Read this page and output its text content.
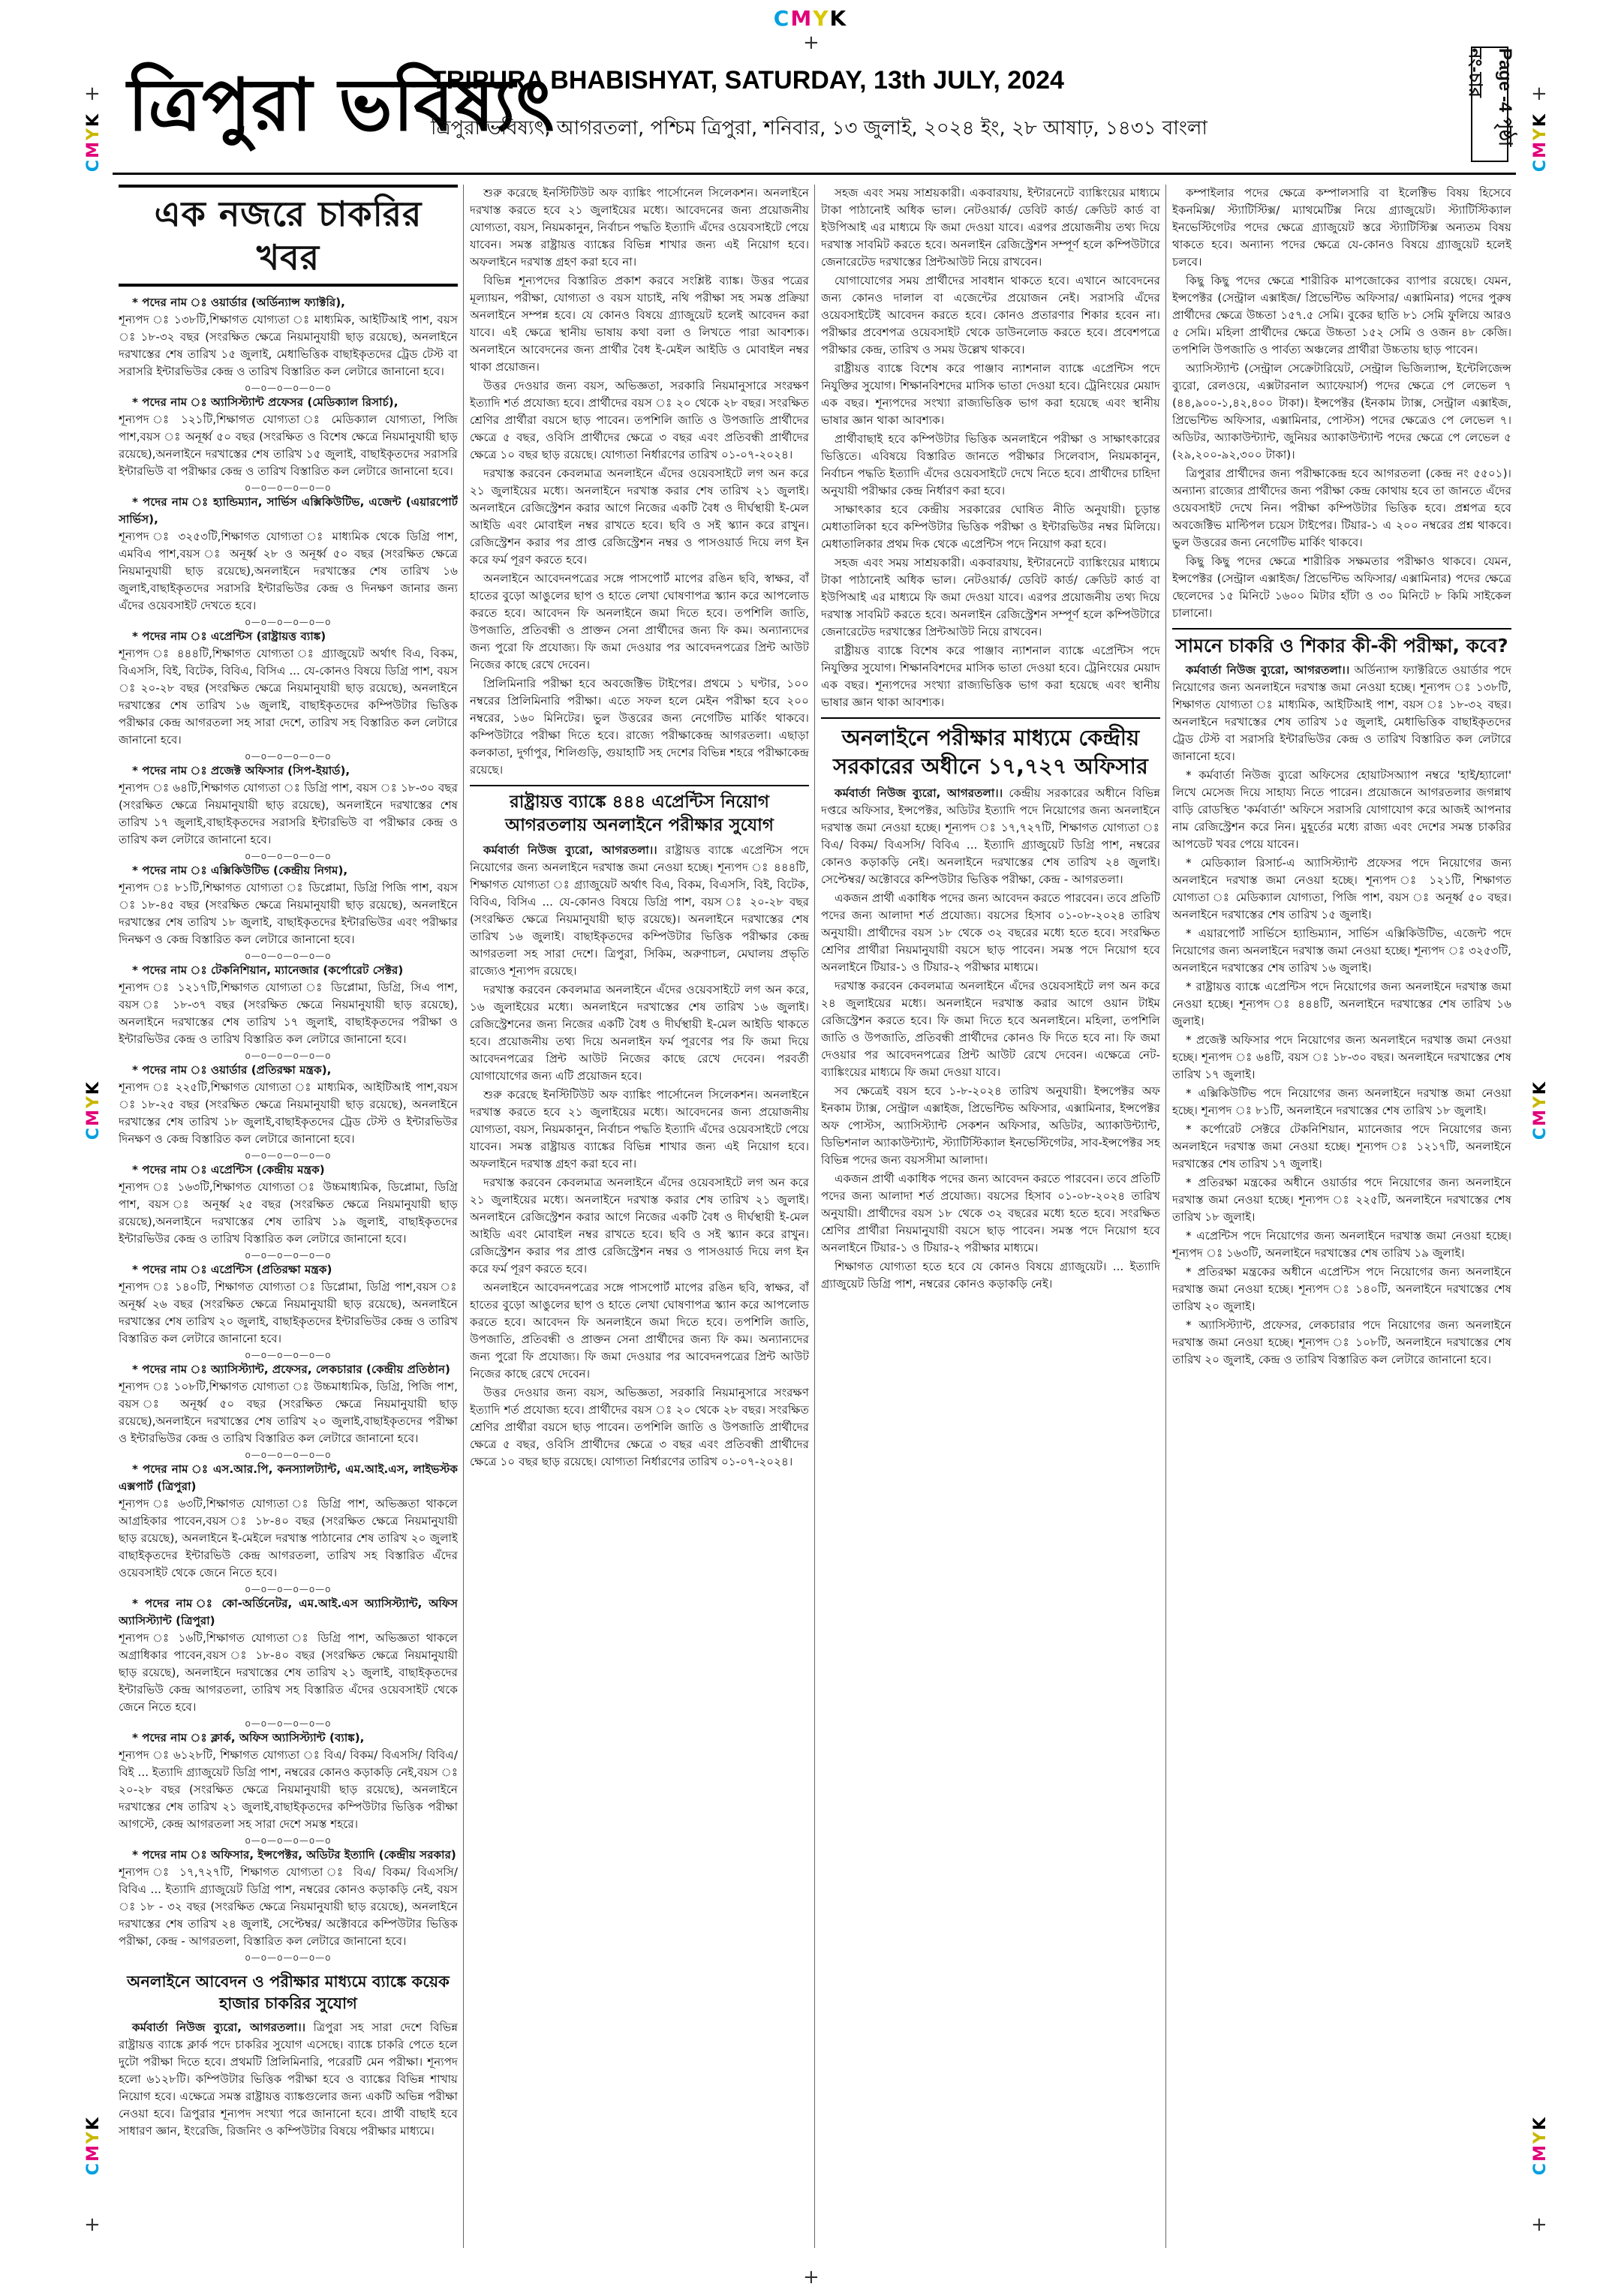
CMYK
+
+
+	+
+	+
CMYK
CMYK
CMYK
CMYK
CMYK
CMYK
ত্রিপুরা ভবিষ্যৎ
TRIPURA BHABISHYAT, SATURDAY, 13th JULY, 2024
ত্রিপুরা ভবিষ্যৎ, আগরতলা, পশ্চিম ত্রিপুরা, শনিবার, ১৩ জুলাই, ২০২৪ ইং, ২৮ আষাঢ়, ১৪৩১ বাংলা	Page -4 পৃষ্ঠা নং-চার
এক নজরে চাকরির খবর
* পদের নাম ঃ ওয়ার্ডার (অর্ডিন্যান্স ফ্যাক্টরি),
শূন্যপদ ঃ ১৩৮টি,শিক্ষাগত যোগ্যতা ঃ মাধ্যমিক, আইটিআই পাশ, বয়স ঃ ১৮-৩২ বছর (সংরক্ষিত ক্ষেত্রে নিয়মানুযায়ী ছাড় রয়েছে), অনলাইনে দরখাস্তের শেষ তারিখ ১৫ জুলাই, মেধাভিত্তিক বাছাইকৃতদের ট্রেড টেস্ট বা সরাসরি ইন্টারভিউর কেন্দ্র ও তারিখ বিস্তারিত কল লেটারে জানানো হবে।
o—o—o—o—o—o
* পদের নাম ঃ অ্যাসিস্ট্যান্ট প্রফেসর (মেডিক্যাল রিসার্চ),
শূন্যপদ ঃ ১২১টি,শিক্ষাগত যোগ্যতা ঃ মেডিক্যাল যোগ্যতা, পিজি পাশ,বয়স ঃ অনূর্ধ্ব ৫০ বছর (সংরক্ষিত ও বিশেষ ক্ষেত্রে নিয়মানুযায়ী ছাড় রয়েছে),অনলাইনে দরখাস্তের শেষ তারিখ ১৫ জুলাই, বাছাইকৃতদের সরাসরি ইন্টারভিউ বা পরীক্ষার কেন্দ্র ও তারিখ বিস্তারিত কল লেটারে জানানো হবে।
o—o—o—o—o—o
* পদের নাম ঃ হ্যান্ডিম্যান, সার্ভিস এক্সিকিউটিভ, এজেন্ট (এয়ারপোর্ট সার্ভিস),
শূন্যপদ ঃ ৩২৫৩টি,শিক্ষাগত যোগ্যতা ঃ মাধ্যমিক থেকে ডিগ্রি পাশ, এমবিএ পাশ,বয়স ঃ অনূর্ধ্ব ২৮ ও অনূর্ধ্ব ৫০ বছর (সংরক্ষিত ক্ষেত্রে নিয়মানুযায়ী ছাড় রয়েছে),অনলাইনে দরখাস্তের শেষ তারিখ ১৬ জুলাই,বাছাইকৃতদের সরাসরি ইন্টারভিউর কেন্দ্র ও দিনক্ষণ জানার জন্য এঁদের ওয়েবসাইট দেখতে হবে।
o—o—o—o—o—o
* পদের নাম ঃ এপ্রেন্টিস (রাষ্ট্রায়ত্ত ব্যাঙ্ক)
শূন্যপদ ঃ ৪৪৪টি,শিক্ষাগত যোগ্যতা ঃ গ্র্যাজুয়েট অর্থাৎ বিএ, বিকম, বিএসসি, বিই, বিটেক, বিবিএ, বিসিএ ... যে-কোনও বিষয়ে ডিগ্রি পাশ, বয়স ঃ ২০-২৮ বছর (সংরক্ষিত ক্ষেত্রে নিয়মানুযায়ী ছাড় রয়েছে), অনলাইনে দরখাস্তের শেষ তারিখ ১৬ জুলাই, বাছাইকৃতদের কম্পিউটার ভিত্তিক পরীক্ষার কেন্দ্র আগরতলা সহ সারা দেশে, তারিখ সহ বিস্তারিত কল লেটারে জানানো হবে।
o—o—o—o—o—o
* পদের নাম ঃ প্রজেক্ট অফিসার (সিপ-ইয়ার্ড),
শূন্যপদ ঃ ৬৪টি,শিক্ষাগত যোগ্যতা ঃ ডিগ্রি পাশ, বয়স ঃ ১৮-৩০ বছর (সংরক্ষিত ক্ষেত্রে নিয়মানুযায়ী ছাড় রয়েছে), অনলাইনে দরখাস্তের শেষ তারিখ ১৭ জুলাই,বাছাইকৃতদের সরাসরি ইন্টারভিউ বা পরীক্ষার কেন্দ্র ও তারিখ কল লেটারে জানানো হবে।
o—o—o—o—o—o
* পদের নাম ঃ এক্সিকিউটিভ (কেন্দ্রীয় নিগম),
শূন্যপদ ঃ ৮১টি,শিক্ষাগত যোগ্যতা ঃ ডিপ্লোমা, ডিগ্রি পিজি পাশ, বয়স ঃ ১৮-৪৫ বছর (সংরক্ষিত ক্ষেত্রে নিয়মানুযায়ী ছাড় রয়েছে), অনলাইনে দরখাস্তের শেষ তারিখ ১৮ জুলাই, বাছাইকৃতদের ইন্টারভিউর এবং পরীক্ষার দিনক্ষণ ও কেন্দ্র বিস্তারিত কল লেটারে জানানো হবে।
o—o—o—o—o—o
* পদের নাম ঃ টেকনিশিয়ান, ম্যানেজার (কর্পোরেট সেক্টর)
শূন্যপদ ঃ ১২১৭টি,শিক্ষাগত যোগ্যতা ঃ ডিপ্লোমা, ডিগ্রি, সিএ পাশ, বয়স ঃ ১৮-৩৭ বছর (সংরক্ষিত ক্ষেত্রে নিয়মানুযায়ী ছাড় রয়েছে), অনলাইনে দরখাস্তের শেষ তারিখ ১৭ জুলাই, বাছাইকৃতদের পরীক্ষা ও ইন্টারভিউর কেন্দ্র ও তারিখ বিস্তারিত কল লেটারে জানানো হবে।
o—o—o—o—o—o
* পদের নাম ঃ ওয়ার্ডার (প্রতিরক্ষা মন্ত্রক),
শূন্যপদ ঃ ২২৫টি,শিক্ষাগত যোগ্যতা ঃ মাধ্যমিক, আইটিআই পাশ,বয়স ঃ ১৮-২৫ বছর (সংরক্ষিত ক্ষেত্রে নিয়মানুযায়ী ছাড় রয়েছে), অনলাইনে দরখাস্তের শেষ তারিখ ১৮ জুলাই,বাছাইকৃতদের ট্রেড টেস্ট ও ইন্টারভিউর দিনক্ষণ ও কেন্দ্র বিস্তারিত কল লেটারে জানানো হবে।
o—o—o—o—o—o
* পদের নাম ঃ এপ্রেন্টিস (কেন্দ্রীয় মন্ত্রক)
শূন্যপদ ঃ ১৬৩টি,শিক্ষাগত যোগ্যতা ঃ উচ্চমাধ্যমিক, ডিপ্লোমা, ডিগ্রি পাশ, বয়স ঃ অনূর্ধ্ব ২৫ বছর (সংরক্ষিত ক্ষেত্রে নিয়মানুযায়ী ছাড় রয়েছে),অনলাইনে দরখাস্তের শেষ তারিখ ১৯ জুলাই, বাছাইকৃতদের ইন্টারভিউর কেন্দ্র ও তারিখ বিস্তারিত কল লেটারে জানানো হবে।
o—o—o—o—o—o
* পদের নাম ঃ এপ্রেন্টিস (প্রতিরক্ষা মন্ত্রক)
শূন্যপদ ঃ ১৪০টি, শিক্ষাগত যোগ্যতা ঃ ডিপ্লোমা, ডিগ্রি পাশ,বয়স ঃ অনূর্ধ্ব ২৬ বছর (সংরক্ষিত ক্ষেত্রে নিয়মানুযায়ী ছাড় রয়েছে), অনলাইনে দরখাস্তের শেষ তারিখ ২০ জুলাই, বাছাইকৃতদের ইন্টারভিউর কেন্দ্র ও তারিখ বিস্তারিত কল লেটারে জানানো হবে।
o—o—o—o—o—o
* পদের নাম ঃ অ্যাসিস্ট্যান্ট, প্রফেসর, লেকচারার (কেন্দ্রীয় প্রতিষ্ঠান)
শূন্যপদ ঃ ১০৮টি,শিক্ষাগত যোগ্যতা ঃ উচ্চমাধ্যমিক, ডিগ্রি, পিজি পাশ, বয়স ঃ অনূর্ধ্ব ৫০ বছর (সংরক্ষিত ক্ষেত্রে নিয়মানুযায়ী ছাড় রয়েছে),অনলাইনে দরখাস্তের শেষ তারিখ ২০ জুলাই,বাছাইকৃতদের পরীক্ষা ও ইন্টারভিউর কেন্দ্র ও তারিখ বিস্তারিত কল লেটারে জানানো হবে।
o—o—o—o—o—o
* পদের নাম ঃ এস.আর.পি, কনস্যালট্যান্ট, এম.আই.এস, লাইভস্টক এক্সপার্ট (ত্রিপুরা)
শূন্যপদ ঃ ৬৩টি,শিক্ষাগত যোগ্যতা ঃ ডিগ্রি পাশ, অভিজ্ঞতা থাকলে আগ্রহিকার পাবেন,বয়স ঃ ১৮-৪০ বছর (সংরক্ষিত ক্ষেত্রে নিয়মানুযায়ী ছাড় রয়েছে), অনলাইনে ই-মেইলে দরখাস্ত পাঠানোর শেষ তারিখ ২০ জুলাই বাছাইকৃতদের ইন্টারভিউ কেন্দ্র আগরতলা, তারিখ সহ বিস্তারিত এঁদের ওয়েবসাইট থেকে জেনে নিতে হবে।
o—o—o—o—o—o
* পদের নাম ঃ কো-অর্ডিনেটর, এম.আই.এস অ্যাসিস্ট্যান্ট, অফিস অ্যাসিস্ট্যান্ট (ত্রিপুরা)
শূন্যপদ ঃ ১৬টি,শিক্ষাগত যোগ্যতা ঃ ডিগ্রি পাশ, অভিজ্ঞতা থাকলে অগ্রাধিকার পাবেন,বয়স ঃ ১৮-৪০ বছর (সংরক্ষিত ক্ষেত্রে নিয়মানুযায়ী ছাড় রয়েছে), অনলাইনে দরখাস্তের শেষ তারিখ ২১ জুলাই, বাছাইকৃতদের ইন্টারভিউ কেন্দ্র আগরতলা, তারিখ সহ বিস্তারিত এঁদের ওয়েবসাইট থেকে জেনে নিতে হবে।
o—o—o—o—o—o
* পদের নাম ঃ ক্লার্ক, অফিস অ্যাসিস্ট্যান্ট (ব্যাঙ্ক),
শূন্যপদ ঃ ৬১২৮টি, শিক্ষাগত যোগ্যতা ঃ বিএ/ বিকম/ বিএসসি/ বিবিএ/ বিই ... ইত্যাদি গ্র্যাজুয়েট ডিগ্রি পাশ, নম্বরের কোনও কড়াকড়ি নেই,বয়স ঃ ২০-২৮ বছর (সংরক্ষিত ক্ষেত্রে নিয়মানুযায়ী ছাড় রয়েছে), অনলাইনে দরখাস্তের শেষ তারিখ ২১ জুলাই,বাছাইকৃতদের কম্পিউটার ভিত্তিক পরীক্ষা আগস্টে, কেন্দ্র আগরতলা সহ সারা দেশে সমস্ত শহরে।
o—o—o—o—o—o
* পদের নাম ঃ অফিসার, ইন্সপেক্টর, অডিটর ইত্যাদি (কেন্দ্রীয় সরকার)
শূন্যপদ ঃ ১৭,৭২৭টি, শিক্ষাগত যোগ্যতা ঃ বিএ/ বিকম/ বিএসসি/ বিবিএ ... ইত্যাদি গ্র্যাজুয়েট ডিগ্রি পাশ, নম্বরের কোনও কড়াকড়ি নেই, বয়স ঃ ১৮ - ৩২ বছর (সংরক্ষিত ক্ষেত্রে নিয়মানুযায়ী ছাড় রয়েছে), অনলাইনে দরখাস্তের শেষ তারিখ ২৪ জুলাই, সেপ্টেম্বর/ অক্টোবরে কম্পিউটার ভিত্তিক পরীক্ষা, কেন্দ্র - আগরতলা, বিস্তারিত কল লেটারে জানানো হবে।
o—o—o—o—o—o
অনলাইনে আবেদন ও পরীক্ষার মাধ্যমে ব্যাঙ্কে কয়েক হাজার চাকরির সুযোগ

কর্মবার্তা নিউজ ব্যুরো, আগরতলা।। ত্রিপুরা সহ সারা দেশে বিভিন্ন রাষ্ট্রায়ত্ত ব্যাঙ্কে ক্লার্ক পদে চাকরির সুযোগ এসেছে। ব্যাঙ্কে চাকরি পেতে হলে দুটো পরীক্ষা দিতে হবে। প্রথমটি প্রিলিমিনারি, পরেরটি মেন পরীক্ষা। শূন্যপদ হলো ৬১২৮টি। কম্পিউটার ভিত্তিক পরীক্ষা হবে ও ব্যাঙ্কের বিভিন্ন শাখায় নিয়োগ হবে। এক্ষেত্রে সমস্ত রাষ্ট্রায়ত্ত ব্যাঙ্কগুলোর জন্য একটি অভিন্ন পরীক্ষা নেওয়া হবে। ত্রিপুরার শূন্যপদ সংখ্যা পরে জানানো হবে। প্রার্থী বাছাই হবে সাধারণ জ্ঞান, ইংরেজি, রিজনিং ও কম্পিউটার বিষয়ে পরীক্ষার মাধ্যমে।

শুরু করেছে ইনস্টিটিউট অফ ব্যাঙ্কিং পার্সোনেল সিলেকশন। অনলাইনে দরখাস্ত করতে হবে ২১ জুলাইয়ের মধ্যে। আবেদনের জন্য প্রয়োজনীয় যোগ্যতা, বয়স, নিয়মকানুন, নির্বাচন পদ্ধতি ইত্যাদি এঁদের ওয়েবসাইটে পেয়ে যাবেন। সমস্ত রাষ্ট্রায়ত্ত ব্যাঙ্কের বিভিন্ন শাখার জন্য এই নিয়োগ হবে। অফলাইনে দরখাস্ত গ্রহণ করা হবে না।

বিভিন্ন শূন্যপদের বিস্তারিত প্রকাশ করবে সংশ্লিষ্ট ব্যাঙ্ক। উত্তর পত্রের মূল্যায়ন, পরীক্ষা, যোগ্যতা ও বয়স যাচাই, নথি পরীক্ষা সহ সমস্ত প্রক্রিয়া অনলাইনে সম্পন্ন হবে। যে কোনও বিষয়ে গ্র্যাজুয়েট হলেই আবেদন করা যাবে। এই ক্ষেত্রে স্থানীয় ভাষায় কথা বলা ও লিখতে পারা আবশ্যক। অনলাইনে আবেদনের জন্য প্রার্থীর বৈধ ই-মেইল আইডি ও মোবাইল নম্বর থাকা প্রয়োজন।

উত্তর দেওয়ার জন্য বয়স, অভিজ্ঞতা, সরকারি নিয়মানুসারে সংরক্ষণ ইত্যাদি শর্ত প্রযোজ্য হবে। প্রার্থীদের বয়স ঃ ২০ থেকে ২৮ বছর। সংরক্ষিত শ্রেণির প্রার্থীরা বয়সে ছাড় পাবেন। তপশিলি জাতি ও উপজাতি প্রার্থীদের ক্ষেত্রে ৫ বছর, ওবিসি প্রার্থীদের ক্ষেত্রে ৩ বছর এবং প্রতিবন্ধী প্রার্থীদের ক্ষেত্রে ১০ বছর ছাড় রয়েছে। যোগ্যতা নির্ধারণের তারিখ ০১-০৭-২০২৪।

দরখাস্ত করবেন কেবলমাত্র অনলাইনে এঁদের ওয়েবসাইটে লগ অন করে ২১ জুলাইয়ের মধ্যে। অনলাইনে দরখাস্ত করার শেষ তারিখ ২১ জুলাই। অনলাইনে রেজিস্ট্রেশন করার আগে নিজের একটি বৈধ ও দীর্ঘস্থায়ী ই-মেল আইডি এবং মোবাইল নম্বর রাখতে হবে। ছবি ও সই স্ক্যান করে রাখুন। রেজিস্ট্রেশন করার পর প্রাপ্ত রেজিস্ট্রেশন নম্বর ও পাসওয়ার্ড দিয়ে লগ ইন করে ফর্ম পূরণ করতে হবে।

অনলাইনে আবেদনপত্রের সঙ্গে পাসপোর্ট মাপের রঙিন ছবি, স্বাক্ষর, বাঁ হাতের বুড়ো আঙুলের ছাপ ও হাতে লেখা ঘোষণাপত্র স্ক্যান করে আপলোড করতে হবে। আবেদন ফি অনলাইনে জমা দিতে হবে। তপশিলি জাতি, উপজাতি, প্রতিবন্ধী ও প্রাক্তন সেনা প্রার্থীদের জন্য ফি কম। অন্যান্যদের জন্য পুরো ফি প্রযোজ্য। ফি জমা দেওয়ার পর আবেদনপত্রের প্রিন্ট আউট নিজের কাছে রেখে দেবেন।

প্রিলিমিনারি পরীক্ষা হবে অবজেক্টিভ টাইপের। প্রথমে ১ ঘণ্টার, ১০০ নম্বরের প্রিলিমিনারি পরীক্ষা। এতে সফল হলে মেইন পরীক্ষা হবে ২০০ নম্বরের, ১৬০ মিনিটের। ভুল উত্তরের জন্য নেগেটিভ মার্কিং থাকবে। কম্পিউটারে পরীক্ষা দিতে হবে। রাজ্যে পরীক্ষাকেন্দ্র আগরতলা। এছাড়া কলকাতা, দুর্গাপুর, শিলিগুড়ি, গুয়াহাটি সহ দেশের বিভিন্ন শহরে পরীক্ষাকেন্দ্র রয়েছে।

রাষ্ট্রায়ত্ত ব্যাঙ্কে ৪৪৪ এপ্রেন্টিস নিয়োগ আগরতলায় অনলাইনে পরীক্ষার সুযোগ

কর্মবার্তা নিউজ ব্যুরো, আগরতলা।। রাষ্ট্রায়ত্ত ব্যাঙ্কে এপ্রেন্টিস পদে নিয়োগের জন্য অনলাইনে দরখাস্ত জমা নেওয়া হচ্ছে। শূন্যপদ ঃ ৪৪৪টি, শিক্ষাগত যোগ্যতা ঃ গ্র্যাজুয়েট অর্থাৎ বিএ, বিকম, বিএসসি, বিই, বিটেক, বিবিএ, বিসিএ ... যে-কোনও বিষয়ে ডিগ্রি পাশ, বয়স ঃ ২০-২৮ বছর (সংরক্ষিত ক্ষেত্রে নিয়মানুযায়ী ছাড় রয়েছে)। অনলাইনে দরখাস্তের শেষ তারিখ ১৬ জুলাই। বাছাইকৃতদের কম্পিউটার ভিত্তিক পরীক্ষার কেন্দ্র আগরতলা সহ সারা দেশে। ত্রিপুরা, সিকিম, অরুণাচল, মেঘালয় প্রভৃতি রাজ্যেও শূন্যপদ রয়েছে।

দরখাস্ত করবেন কেবলমাত্র অনলাইনে এঁদের ওয়েবসাইটে লগ অন করে, ১৬ জুলাইয়ের মধ্যে। অনলাইনে দরখাস্তের শেষ তারিখ ১৬ জুলাই। রেজিস্ট্রেশনের জন্য নিজের একটি বৈধ ও দীর্ঘস্থায়ী ই-মেল আইডি থাকতে হবে। প্রয়োজনীয় তথ্য দিয়ে অনলাইন ফর্ম পূরণের পর ফি জমা দিয়ে আবেদনপত্রের প্রিন্ট আউট নিজের কাছে রেখে দেবেন। পরবর্তী যোগাযোগের জন্য এটি প্রয়োজন হবে।

শুরু করেছে ইনস্টিটিউট অফ ব্যাঙ্কিং পার্সোনেল সিলেকশন। অনলাইনে দরখাস্ত করতে হবে ২১ জুলাইয়ের মধ্যে। আবেদনের জন্য প্রয়োজনীয় যোগ্যতা, বয়স, নিয়মকানুন, নির্বাচন পদ্ধতি ইত্যাদি এঁদের ওয়েবসাইটে পেয়ে যাবেন। সমস্ত রাষ্ট্রায়ত্ত ব্যাঙ্কের বিভিন্ন শাখার জন্য এই নিয়োগ হবে। অফলাইনে দরখাস্ত গ্রহণ করা হবে না।

দরখাস্ত করবেন কেবলমাত্র অনলাইনে এঁদের ওয়েবসাইটে লগ অন করে ২১ জুলাইয়ের মধ্যে। অনলাইনে দরখাস্ত করার শেষ তারিখ ২১ জুলাই। অনলাইনে রেজিস্ট্রেশন করার আগে নিজের একটি বৈধ ও দীর্ঘস্থায়ী ই-মেল আইডি এবং মোবাইল নম্বর রাখতে হবে। ছবি ও সই স্ক্যান করে রাখুন। রেজিস্ট্রেশন করার পর প্রাপ্ত রেজিস্ট্রেশন নম্বর ও পাসওয়ার্ড দিয়ে লগ ইন করে ফর্ম পূরণ করতে হবে।

অনলাইনে আবেদনপত্রের সঙ্গে পাসপোর্ট মাপের রঙিন ছবি, স্বাক্ষর, বাঁ হাতের বুড়ো আঙুলের ছাপ ও হাতে লেখা ঘোষণাপত্র স্ক্যান করে আপলোড করতে হবে। আবেদন ফি অনলাইনে জমা দিতে হবে। তপশিলি জাতি, উপজাতি, প্রতিবন্ধী ও প্রাক্তন সেনা প্রার্থীদের জন্য ফি কম। অন্যান্যদের জন্য পুরো ফি প্রযোজ্য। ফি জমা দেওয়ার পর আবেদনপত্রের প্রিন্ট আউট নিজের কাছে রেখে দেবেন।

উত্তর দেওয়ার জন্য বয়স, অভিজ্ঞতা, সরকারি নিয়মানুসারে সংরক্ষণ ইত্যাদি শর্ত প্রযোজ্য হবে। প্রার্থীদের বয়স ঃ ২০ থেকে ২৮ বছর। সংরক্ষিত শ্রেণির প্রার্থীরা বয়সে ছাড় পাবেন। তপশিলি জাতি ও উপজাতি প্রার্থীদের ক্ষেত্রে ৫ বছর, ওবিসি প্রার্থীদের ক্ষেত্রে ৩ বছর এবং প্রতিবন্ধী প্রার্থীদের ক্ষেত্রে ১০ বছর ছাড় রয়েছে। যোগ্যতা নির্ধারণের তারিখ ০১-০৭-২০২৪।

সহজ এবং সময় সাশ্রয়কারী। একবারযায়, ইন্টারনেটে ব্যাঙ্কিংয়ের মাধ্যমে টাকা পাঠানোই অধিক ভাল। নেটওয়ার্ক/ ডেবিট কার্ড/ ক্রেডিট কার্ড বা ইউপিআই এর মাধ্যমে ফি জমা দেওয়া যাবে। এরপর প্রয়োজনীয় তথ্য দিয়ে দরখাস্ত সাবমিট করতে হবে। অনলাইন রেজিস্ট্রেশন সম্পূর্ণ হলে কম্পিউটারে জেনারেটেড দরখাস্তের প্রিন্টআউট নিয়ে রাখবেন।

যোগাযোগের সময় প্রার্থীদের সাবধান থাকতে হবে। এখানে আবেদনের জন্য কোনও দালাল বা এজেন্টের প্রয়োজন নেই। সরাসরি এঁদের ওয়েবসাইটেই আবেদন করতে হবে। কোনও প্রতারণার শিকার হবেন না। পরীক্ষার প্রবেশপত্র ওয়েবসাইট থেকে ডাউনলোড করতে হবে। প্রবেশপত্রে পরীক্ষার কেন্দ্র, তারিখ ও সময় উল্লেখ থাকবে।

রাষ্ট্রীয়ত্ত ব্যাঙ্কে বিশেষ করে পাঞ্জাব ন্যাশনাল ব্যাঙ্কে এপ্রেন্টিস পদে নিযুক্তির সুযোগ। শিক্ষানবিশদের মাসিক ভাতা দেওয়া হবে। ট্রেনিংয়ের মেয়াদ এক বছর। শূন্যপদের সংখ্যা রাজ্যভিত্তিক ভাগ করা হয়েছে এবং স্থানীয় ভাষার জ্ঞান থাকা আবশ্যক।

প্রার্থীবাছাই হবে কম্পিউটার ভিত্তিক অনলাইনে পরীক্ষা ও সাক্ষাৎকারের ভিত্তিতে। এবিষয়ে বিস্তারিত জানতে পরীক্ষার সিলেবাস, নিয়মকানুন, নির্বাচন পদ্ধতি ইত্যাদি এঁদের ওয়েবসাইটে দেখে নিতে হবে। প্রার্থীদের চাহিদা অনুযায়ী পরীক্ষার কেন্দ্র নির্ধারণ করা হবে।

সাক্ষাৎকার হবে কেন্দ্রীয় সরকারের ঘোষিত নীতি অনুযায়ী। চূড়ান্ত মেধাতালিকা হবে কম্পিউটার ভিত্তিক পরীক্ষা ও ইন্টারভিউর নম্বর মিলিয়ে। মেধাতালিকার প্রথম দিক থেকে এপ্রেন্টিস পদে নিয়োগ করা হবে।

সহজ এবং সময় সাশ্রয়কারী। একবারযায়, ইন্টারনেটে ব্যাঙ্কিংয়ের মাধ্যমে টাকা পাঠানোই অধিক ভাল। নেটওয়ার্ক/ ডেবিট কার্ড/ ক্রেডিট কার্ড বা ইউপিআই এর মাধ্যমে ফি জমা দেওয়া যাবে। এরপর প্রয়োজনীয় তথ্য দিয়ে দরখাস্ত সাবমিট করতে হবে। অনলাইন রেজিস্ট্রেশন সম্পূর্ণ হলে কম্পিউটারে জেনারেটেড দরখাস্তের প্রিন্টআউট নিয়ে রাখবেন।

রাষ্ট্রীয়ত্ত ব্যাঙ্কে বিশেষ করে পাঞ্জাব ন্যাশনাল ব্যাঙ্কে এপ্রেন্টিস পদে নিযুক্তির সুযোগ। শিক্ষানবিশদের মাসিক ভাতা দেওয়া হবে। ট্রেনিংয়ের মেয়াদ এক বছর। শূন্যপদের সংখ্যা রাজ্যভিত্তিক ভাগ করা হয়েছে এবং স্থানীয় ভাষার জ্ঞান থাকা আবশ্যক।

অনলাইনে পরীক্ষার মাধ্যমে কেন্দ্রীয় সরকারের অধীনে ১৭,৭২৭ অফিসার

কর্মবার্তা নিউজ ব্যুরো, আগরতলা।। কেন্দ্রীয় সরকারের অধীনে বিভিন্ন দপ্তরে অফিসার, ইন্সপেক্টর, অডিটর ইত্যাদি পদে নিয়োগের জন্য অনলাইনে দরখাস্ত জমা নেওয়া হচ্ছে। শূন্যপদ ঃ ১৭,৭২৭টি, শিক্ষাগত যোগ্যতা ঃ বিএ/ বিকম/ বিএসসি/ বিবিএ ... ইত্যাদি গ্র্যাজুয়েট ডিগ্রি পাশ, নম্বরের কোনও কড়াকড়ি নেই। অনলাইনে দরখাস্তের শেষ তারিখ ২৪ জুলাই। সেপ্টেম্বর/ অক্টোবরে কম্পিউটার ভিত্তিক পরীক্ষা, কেন্দ্র - আগরতলা।

একজন প্রার্থী একাধিক পদের জন্য আবেদন করতে পারবেন। তবে প্রতিটি পদের জন্য আলাদা শর্ত প্রযোজ্য। বয়সের হিসাব ০১-০৮-২০২৪ তারিখ অনুযায়ী। প্রার্থীদের বয়স ১৮ থেকে ৩২ বছরের মধ্যে হতে হবে। সংরক্ষিত শ্রেণির প্রার্থীরা নিয়মানুযায়ী বয়সে ছাড় পাবেন। সমস্ত পদে নিয়োগ হবে অনলাইনে টিয়ার-১ ও টিয়ার-২ পরীক্ষার মাধ্যমে।

দরখাস্ত করবেন কেবলমাত্র অনলাইনে এঁদের ওয়েবসাইটে লগ অন করে ২৪ জুলাইয়ের মধ্যে। অনলাইনে দরখাস্ত করার আগে ওয়ান টাইম রেজিস্ট্রেশন করতে হবে। ফি জমা দিতে হবে অনলাইনে। মহিলা, তপশিলি জাতি ও উপজাতি, প্রতিবন্ধী প্রার্থীদের কোনও ফি দিতে হবে না। ফি জমা দেওয়ার পর আবেদনপত্রের প্রিন্ট আউট রেখে দেবেন। এক্ষেত্রে নেট-ব্যাঙ্কিংয়ের মাধ্যমে ফি জমা দেওয়া যাবে।

সব ক্ষেত্রেই বয়স হবে ১-৮-২০২৪ তারিখ অনুযায়ী। ইন্সপেক্টর অফ ইনকাম ট্যাক্স, সেন্ট্রাল এক্সাইজ, প্রিভেন্টিভ অফিসার, এক্সামিনার, ইন্সপেক্টর অফ পোস্টস, অ্যাসিস্ট্যান্ট সেকশন অফিসার, অডিটর, অ্যাকাউন্ট্যান্ট, ডিভিশনাল অ্যাকাউন্ট্যান্ট, স্ট্যাটিস্টিক্যাল ইনভেস্টিগেটর, সাব-ইন্সপেক্টর সহ বিভিন্ন পদের জন্য বয়সসীমা আলাদা।

একজন প্রার্থী একাধিক পদের জন্য আবেদন করতে পারবেন। তবে প্রতিটি পদের জন্য আলাদা শর্ত প্রযোজ্য। বয়সের হিসাব ০১-০৮-২০২৪ তারিখ অনুযায়ী। প্রার্থীদের বয়স ১৮ থেকে ৩২ বছরের মধ্যে হতে হবে। সংরক্ষিত শ্রেণির প্রার্থীরা নিয়মানুযায়ী বয়সে ছাড় পাবেন। সমস্ত পদে নিয়োগ হবে অনলাইনে টিয়ার-১ ও টিয়ার-২ পরীক্ষার মাধ্যমে।

শিক্ষাগত যোগ্যতা হতে হবে যে কোনও বিষয়ে গ্র্যাজুয়েট। ... ইত্যাদি গ্র্যাজুয়েট ডিগ্রি পাশ, নম্বরের কোনও কড়াকড়ি নেই।

কম্পাইলার পদের ক্ষেত্রে কম্পালসারি বা ইলেক্টিভ বিষয় হিসেবে ইকনমিক্স/ স্ট্যাটিস্টিক্স/ ম্যাথমেটিক্স নিয়ে গ্র্যাজুয়েট। স্ট্যাটিস্টিক্যাল ইনভেস্টিগেটর পদের ক্ষেত্রে গ্র্যাজুয়েট স্তরে স্ট্যাটিস্টিক্স অন্যতম বিষয় থাকতে হবে। অন্যান্য পদের ক্ষেত্রে যে-কোনও বিষয়ে গ্র্যাজুয়েট হলেই চলবে।

কিছু কিছু পদের ক্ষেত্রে শারীরিক মাপজোকের ব্যাপার রয়েছে। যেমন, ইন্সপেক্টর (সেন্ট্রাল এক্সাইজ/ প্রিভেন্টিভ অফিসার/ এক্সামিনার) পদের পুরুষ প্রার্থীদের ক্ষেত্রে উচ্চতা ১৫৭.৫ সেমি। বুকের ছাতি ৮১ সেমি ফুলিয়ে আরও ৫ সেমি। মহিলা প্রার্থীদের ক্ষেত্রে উচ্চতা ১৫২ সেমি ও ওজন ৪৮ কেজি। তপশিলি উপজাতি ও পার্বত্য অঞ্চলের প্রার্থীরা উচ্চতায় ছাড় পাবেন।

অ্যাসিস্ট্যান্ট (সেন্ট্রাল সেক্রেটারিয়েট, সেন্ট্রাল ভিজিল্যান্স, ইন্টেলিজেন্স ব্যুরো, রেলওয়ে, এক্সটারনাল অ্যাফেয়ার্স) পদের ক্ষেত্রে পে লেভেল ৭ (৪৪,৯০০-১,৪২,৪০০ টাকা)। ইন্সপেক্টর (ইনকাম ট্যাক্স, সেন্ট্রাল এক্সাইজ, প্রিভেন্টিভ অফিসার, এক্সামিনার, পোস্টস) পদের ক্ষেত্রেও পে লেভেল ৭। অডিটর, অ্যাকাউন্ট্যান্ট, জুনিয়র অ্যাকাউন্ট্যান্ট পদের ক্ষেত্রে পে লেভেল ৫ (২৯,২০০-৯২,৩০০ টাকা)।

ত্রিপুরার প্রার্থীদের জন্য পরীক্ষাকেন্দ্র হবে আগরতলা (কেন্দ্র নং ৫৫০১)। অন্যান্য রাজ্যের প্রার্থীদের জন্য পরীক্ষা কেন্দ্র কোথায় হবে তা জানতে এঁদের ওয়েবসাইট দেখে নিন। পরীক্ষা কম্পিউটার ভিত্তিক হবে। প্রশ্নপত্র হবে অবজেক্টিভ মাল্টিপল চয়েস টাইপের। টিয়ার-১ এ ২০০ নম্বরের প্রশ্ন থাকবে। ভুল উত্তরের জন্য নেগেটিভ মার্কিং থাকবে।

কিছু কিছু পদের ক্ষেত্রে শারীরিক সক্ষমতার পরীক্ষাও থাকবে। যেমন, ইন্সপেক্টর (সেন্ট্রাল এক্সাইজ/ প্রিভেন্টিভ অফিসার/ এক্সামিনার) পদের ক্ষেত্রে ছেলেদের ১৫ মিনিটে ১৬০০ মিটার হাঁটা ও ৩০ মিনিটে ৮ কিমি সাইকেল চালানো।

সামনে চাকরি ও শিকার কী-কী পরীক্ষা, কবে?

কর্মবার্তা নিউজ ব্যুরো, আগরতলা।। অর্ডিন্যান্স ফ্যাক্টরিতে ওয়ার্ডার পদে নিয়োগের জন্য অনলাইনে দরখাস্ত জমা নেওয়া হচ্ছে। শূন্যপদ ঃ ১৩৮টি, শিক্ষাগত যোগ্যতা ঃ মাধ্যমিক, আইটিআই পাশ, বয়স ঃ ১৮-৩২ বছর। অনলাইনে দরখাস্তের শেষ তারিখ ১৫ জুলাই, মেধাভিত্তিক বাছাইকৃতদের ট্রেড টেস্ট বা সরাসরি ইন্টারভিউর কেন্দ্র ও তারিখ বিস্তারিত কল লেটারে জানানো হবে।

* কর্মবার্তা নিউজ ব্যুরো অফিসের হোয়াটসঅ্যাপ নম্বরে 'হাই/হ্যালো' লিখে মেসেজ দিয়ে সাহায্য নিতে পারেন। প্রয়োজনে আগরতলার জগন্নাথ বাড়ি রোডস্থিত 'কর্মবার্তা' অফিসে সরাসরি যোগাযোগ করে আজই আপনার নাম রেজিস্ট্রেশন করে নিন। মুহূর্তের মধ্যে রাজ্য এবং দেশের সমস্ত চাকরির আপডেট খবর পেয়ে যাবেন।

* মেডিক্যাল রিসার্চ-এ অ্যাসিস্ট্যান্ট প্রফেসর পদে নিয়োগের জন্য অনলাইনে দরখাস্ত জমা নেওয়া হচ্ছে। শূন্যপদ ঃ ১২১টি, শিক্ষাগত যোগ্যতা ঃ মেডিক্যাল যোগ্যতা, পিজি পাশ, বয়স ঃ অনূর্ধ্ব ৫০ বছর। অনলাইনে দরখাস্তের শেষ তারিখ ১৫ জুলাই।

* এয়ারপোর্ট সার্ভিসে হ্যান্ডিম্যান, সার্ভিস এক্সিকিউটিভ, এজেন্ট পদে নিয়োগের জন্য অনলাইনে দরখাস্ত জমা নেওয়া হচ্ছে। শূন্যপদ ঃ ৩২৫৩টি, অনলাইনে দরখাস্তের শেষ তারিখ ১৬ জুলাই।

* রাষ্ট্রায়ত্ত ব্যাঙ্কে এপ্রেন্টিস পদে নিয়োগের জন্য অনলাইনে দরখাস্ত জমা নেওয়া হচ্ছে। শূন্যপদ ঃ ৪৪৪টি, অনলাইনে দরখাস্তের শেষ তারিখ ১৬ জুলাই।

* প্রজেক্ট অফিসার পদে নিয়োগের জন্য অনলাইনে দরখাস্ত জমা নেওয়া হচ্ছে। শূন্যপদ ঃ ৬৪টি, বয়স ঃ ১৮-৩০ বছর। অনলাইনে দরখাস্তের শেষ তারিখ ১৭ জুলাই।

* এক্সিকিউটিভ পদে নিয়োগের জন্য অনলাইনে দরখাস্ত জমা নেওয়া হচ্ছে। শূন্যপদ ঃ ৮১টি, অনলাইনে দরখাস্তের শেষ তারিখ ১৮ জুলাই।

* কর্পোরেট সেক্টরে টেকনিশিয়ান, ম্যানেজার পদে নিয়োগের জন্য অনলাইনে দরখাস্ত জমা নেওয়া হচ্ছে। শূন্যপদ ঃ ১২১৭টি, অনলাইনে দরখাস্তের শেষ তারিখ ১৭ জুলাই।

* প্রতিরক্ষা মন্ত্রকের অধীনে ওয়ার্ডার পদে নিয়োগের জন্য অনলাইনে দরখাস্ত জমা নেওয়া হচ্ছে। শূন্যপদ ঃ ২২৫টি, অনলাইনে দরখাস্তের শেষ তারিখ ১৮ জুলাই।

* এপ্রেন্টিস পদে নিয়োগের জন্য অনলাইনে দরখাস্ত জমা নেওয়া হচ্ছে। শূন্যপদ ঃ ১৬৩টি, অনলাইনে দরখাস্তের শেষ তারিখ ১৯ জুলাই।

* প্রতিরক্ষা মন্ত্রকের অধীনে এপ্রেন্টিস পদে নিয়োগের জন্য অনলাইনে দরখাস্ত জমা নেওয়া হচ্ছে। শূন্যপদ ঃ ১৪০টি, অনলাইনে দরখাস্তের শেষ তারিখ ২০ জুলাই।

* অ্যাসিস্ট্যান্ট, প্রফেসর, লেকচারার পদে নিয়োগের জন্য অনলাইনে দরখাস্ত জমা নেওয়া হচ্ছে। শূন্যপদ ঃ ১০৮টি, অনলাইনে দরখাস্তের শেষ তারিখ ২০ জুলাই, কেন্দ্র ও তারিখ বিস্তারিত কল লেটারে জানানো হবে।
